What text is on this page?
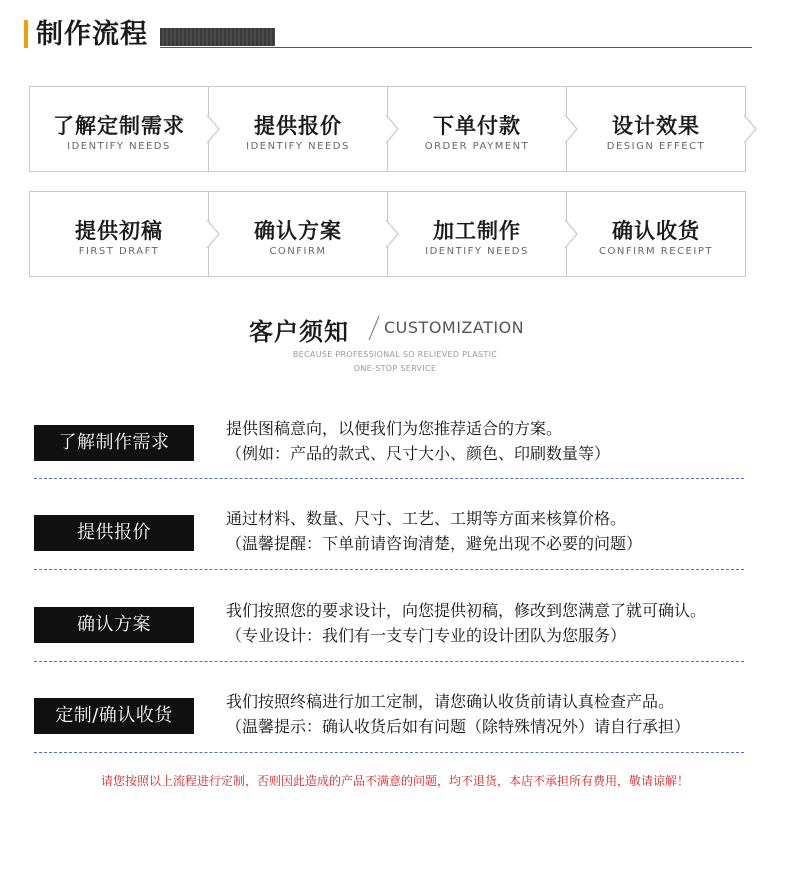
制作流程
了解定制需求
IDENTIFY NEEDS
提供报价
IDENTIFY NEEDS
下单付款
ORDER PAYMENT
设计效果
DESIGN EFFECT
提供初稿
FIRST DRAFT
确认方案
CONFIRM
加工制作
IDENTIFY NEEDS
确认收货
CONFIRM RECEIPT
客户须知 CUSTOMIZATION
BECAUSE PROFESSIONAL SO RELIEVED PLASTIC
ONE-STOP SERVICE
了解制作需求
提供图稿意向，以便我们为您推荐适合的方案。
（例如：产品的款式、尺寸大小、颜色、印刷数量等）
提供报价
通过材料、数量、尺寸、工艺、工期等方面来核算价格。
（温馨提醒：下单前请咨询清楚，避免出现不必要的问题）
确认方案
我们按照您的要求设计，向您提供初稿，修改到您满意了就可确认。
（专业设计：我们有一支专门专业的设计团队为您服务）
定制/确认收货
我们按照终稿进行加工定制，请您确认收货前请认真检查产品。
（温馨提示：确认收货后如有问题（除特殊情况外）请自行承担）
请您按照以上流程进行定制，否则因此造成的产品不满意的问题，均不退货，本店不承担所有费用，敬请谅解！
